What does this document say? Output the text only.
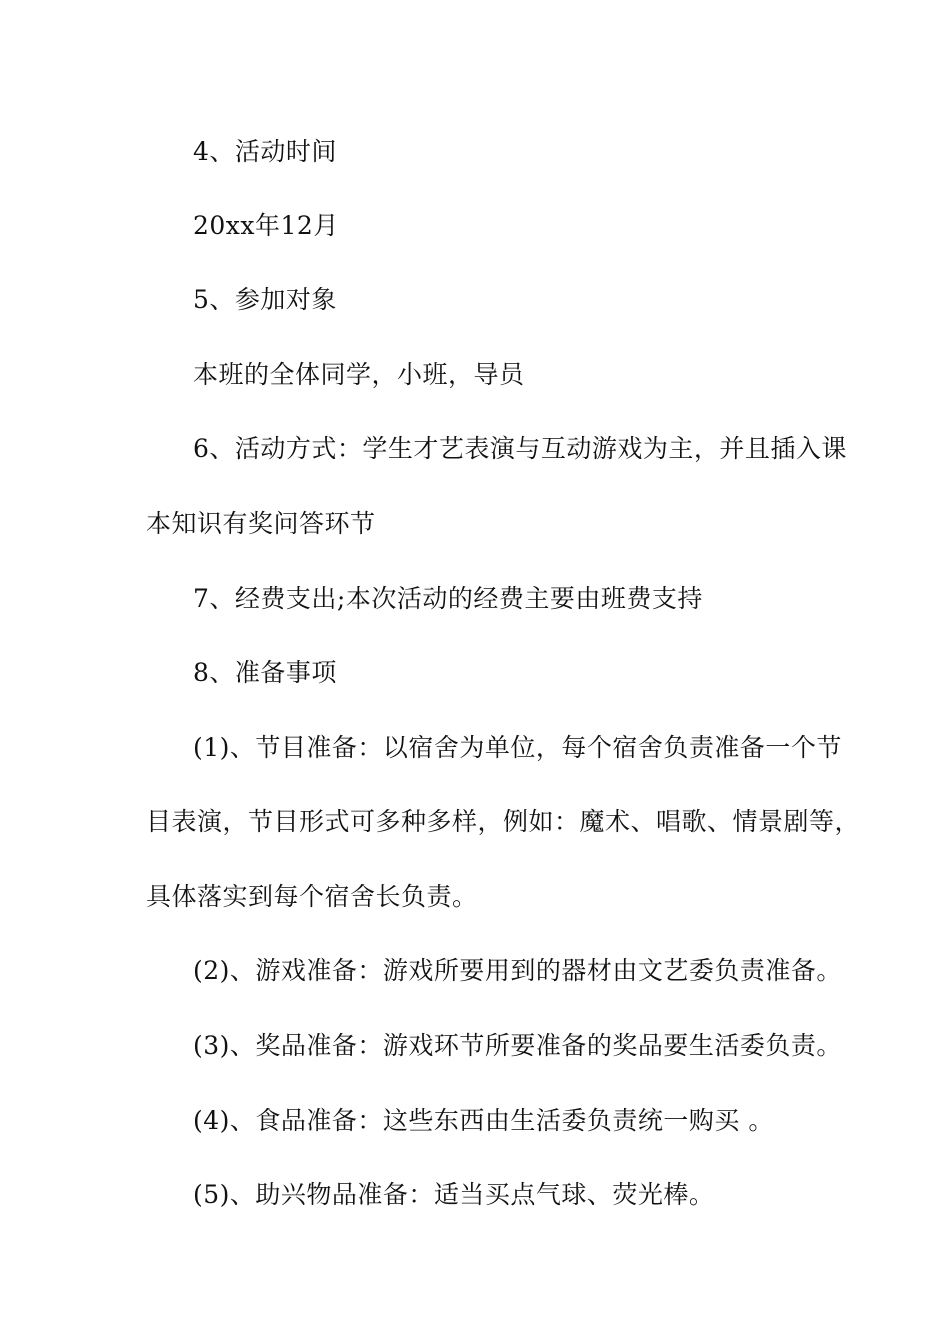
4、活动时间
20xx年12月
5、参加对象
本班的全体同学，小班，导员
6、活动方式：学生才艺表演与互动游戏为主，并且插入课
本知识有奖问答环节
7、经费支出;本次活动的经费主要由班费支持
8、准备事项
(1)、节目准备：以宿舍为单位，每个宿舍负责准备一个节
目表演，节目形式可多种多样，例如：魔术、唱歌、情景剧等，
具体落实到每个宿舍长负责。
(2)、游戏准备：游戏所要用到的器材由文艺委负责准备。
(3)、奖品准备：游戏环节所要准备的奖品要生活委负责。
(4)、食品准备：这些东西由生活委负责统一购买 。
(5)、助兴物品准备：适当买点气球、荧光棒。
